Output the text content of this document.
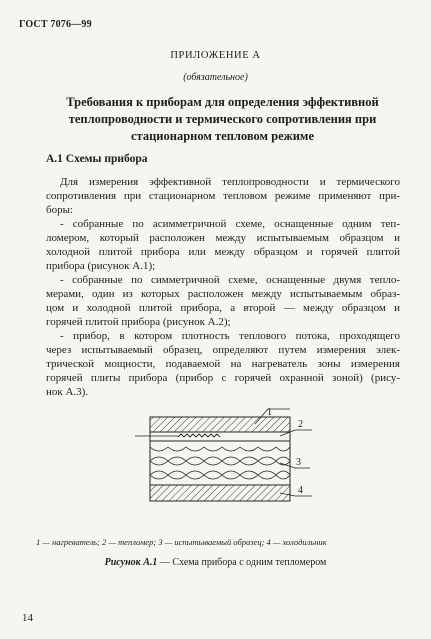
ГОСТ 7076—99
ПРИЛОЖЕНИЕ А
(обязательное)
Требования к приборам для определения эффективной
теплопроводности и термического сопротивления при
стационарном тепловом режиме
А.1 Схемы прибора
Для измерения эффективной теплопроводности и термического
сопротивления при стационарном тепловом режиме применяют при-
боры:
- собранные по асимметричной схеме, оснащенные одним теп-
ломером, который расположен между испытываемым образцом и
холодной плитой прибора или между образцом и горячей плитой
прибора (рисунок А.1);
- собранные по симметричной схеме, оснащенные двумя тепло-
мерами, один из которых расположен между испытываемым образ-
цом и холодной плитой прибора, а второй — между образцом и
горячей плитой прибора (рисунок А.2);
- прибор, в котором плотность теплового потока, проходящего
через испытываемый образец, определяют путем измерения элек-
трической мощности, подаваемой на нагреватель зоны измерения
горячей плиты прибора (прибор с горячей охранной зоной) (рису-
нок А.3).
1
2
3
4
1 — нагреватель; 2 — тепломер; 3 — испытываемый образец; 4 — холодильник
Рисунок А.1 — Схема прибора с одним тепломером
14
